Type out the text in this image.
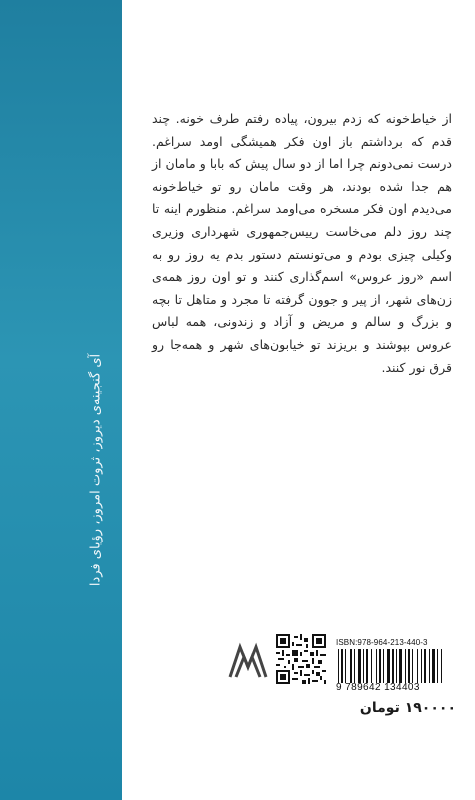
آی گنجینه‌ی دیروز، ثروت امروز، رؤیای فردا

از خیاط‌خونه که زدم بیرون، پیاده رفتم طرف خونه. چند قدم که برداشتم باز اون فکر همیشگی اومد سراغم. درست نمی‌دونم چرا اما از دو سال پیش که بابا و مامان از هم جدا شده بودند، هر وقت مامان رو تو خیاط‌خونه می‌دیدم اون فکر مسخره می‌اومد سراغم. منظورم اینه تا چند روز دلم می‌خاست رییس‌جمهوری شهرداری وزیری وکیلی چیزی بودم و می‌تونستم دستور بدم یه روز رو به اسم «روز عروس» اسم‌گذاری کنند و تو اون روز همه‌ی زن‌های شهر، از پیر و جوون گرفته تا مجرد و متاهل تا بچه و بزرگ و سالم و مریض و آزاد و زندونی، همه لباس عروس بپوشند و بریزند تو خیابون‌های شهر و همه‌جا رو قرق نور کنند.

ISBN:978-964-213-440-3
9 789642 134403
۱۹۰۰۰۰ تومان
